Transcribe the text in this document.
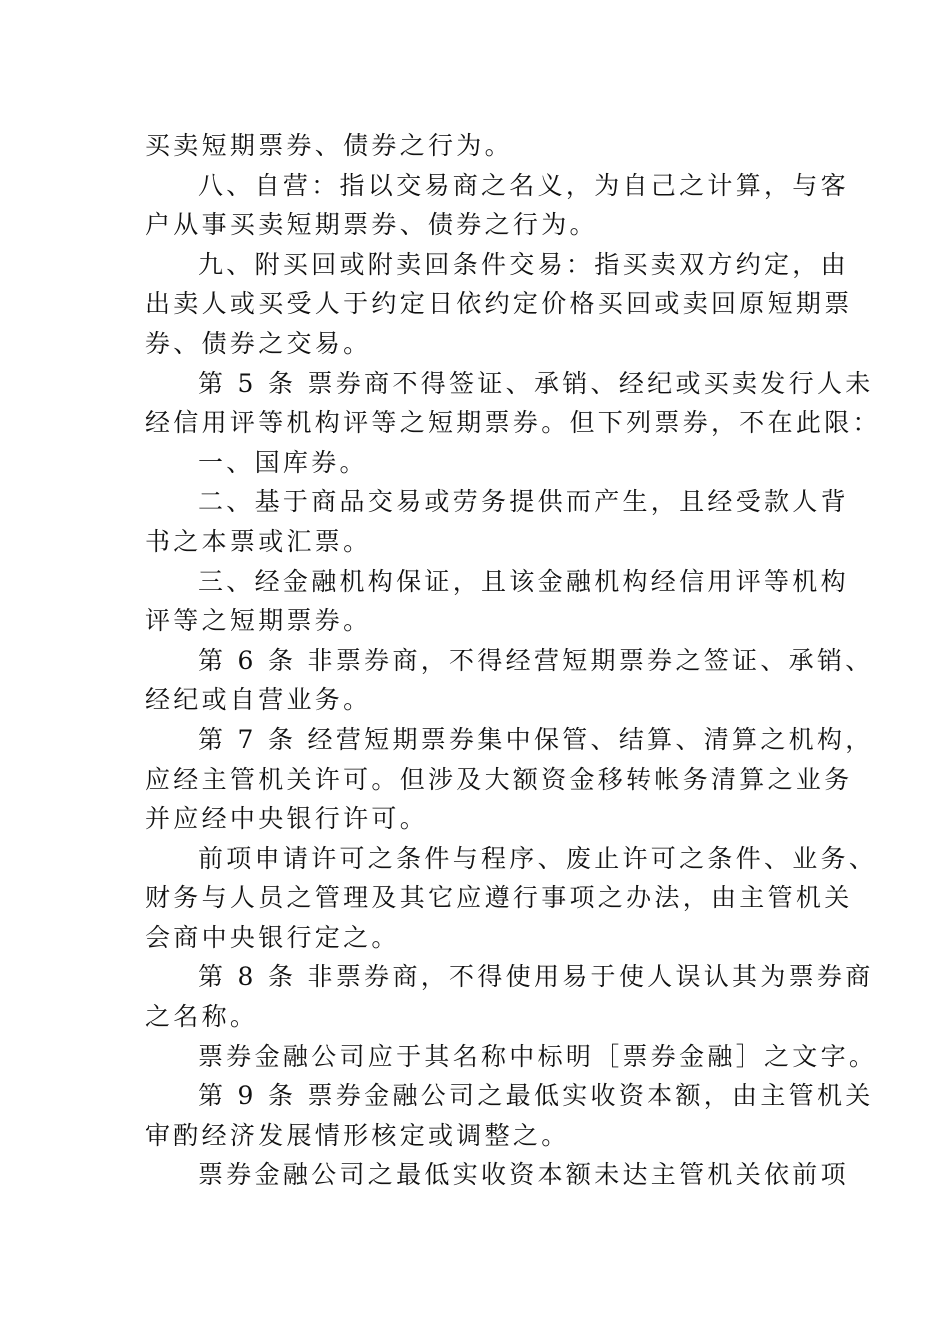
买卖短期票券、债券之行为。
八、自营：指以交易商之名义，为自己之计算，与客
户从事买卖短期票券、债券之行为。
九、附买回或附卖回条件交易：指买卖双方约定，由
出卖人或买受人于约定日依约定价格买回或卖回原短期票
券、债券之交易。
第 5 条 票券商不得签证、承销、经纪或买卖发行人未
经信用评等机构评等之短期票券。但下列票券，不在此限：
一、国库券。
二、基于商品交易或劳务提供而产生，且经受款人背
书之本票或汇票。
三、经金融机构保证，且该金融机构经信用评等机构
评等之短期票券。
第 6 条 非票券商，不得经营短期票券之签证、承销、
经纪或自营业务。
第 7 条 经营短期票券集中保管、结算、清算之机构，
应经主管机关许可。但涉及大额资金移转帐务清算之业务
并应经中央银行许可。
前项申请许可之条件与程序、废止许可之条件、业务、
财务与人员之管理及其它应遵行事项之办法，由主管机关
会商中央银行定之。
第 8 条 非票券商，不得使用易于使人误认其为票券商
之名称。
票券金融公司应于其名称中标明［票券金融］之文字。
第 9 条 票券金融公司之最低实收资本额，由主管机关
审酌经济发展情形核定或调整之。
票券金融公司之最低实收资本额未达主管机关依前项
